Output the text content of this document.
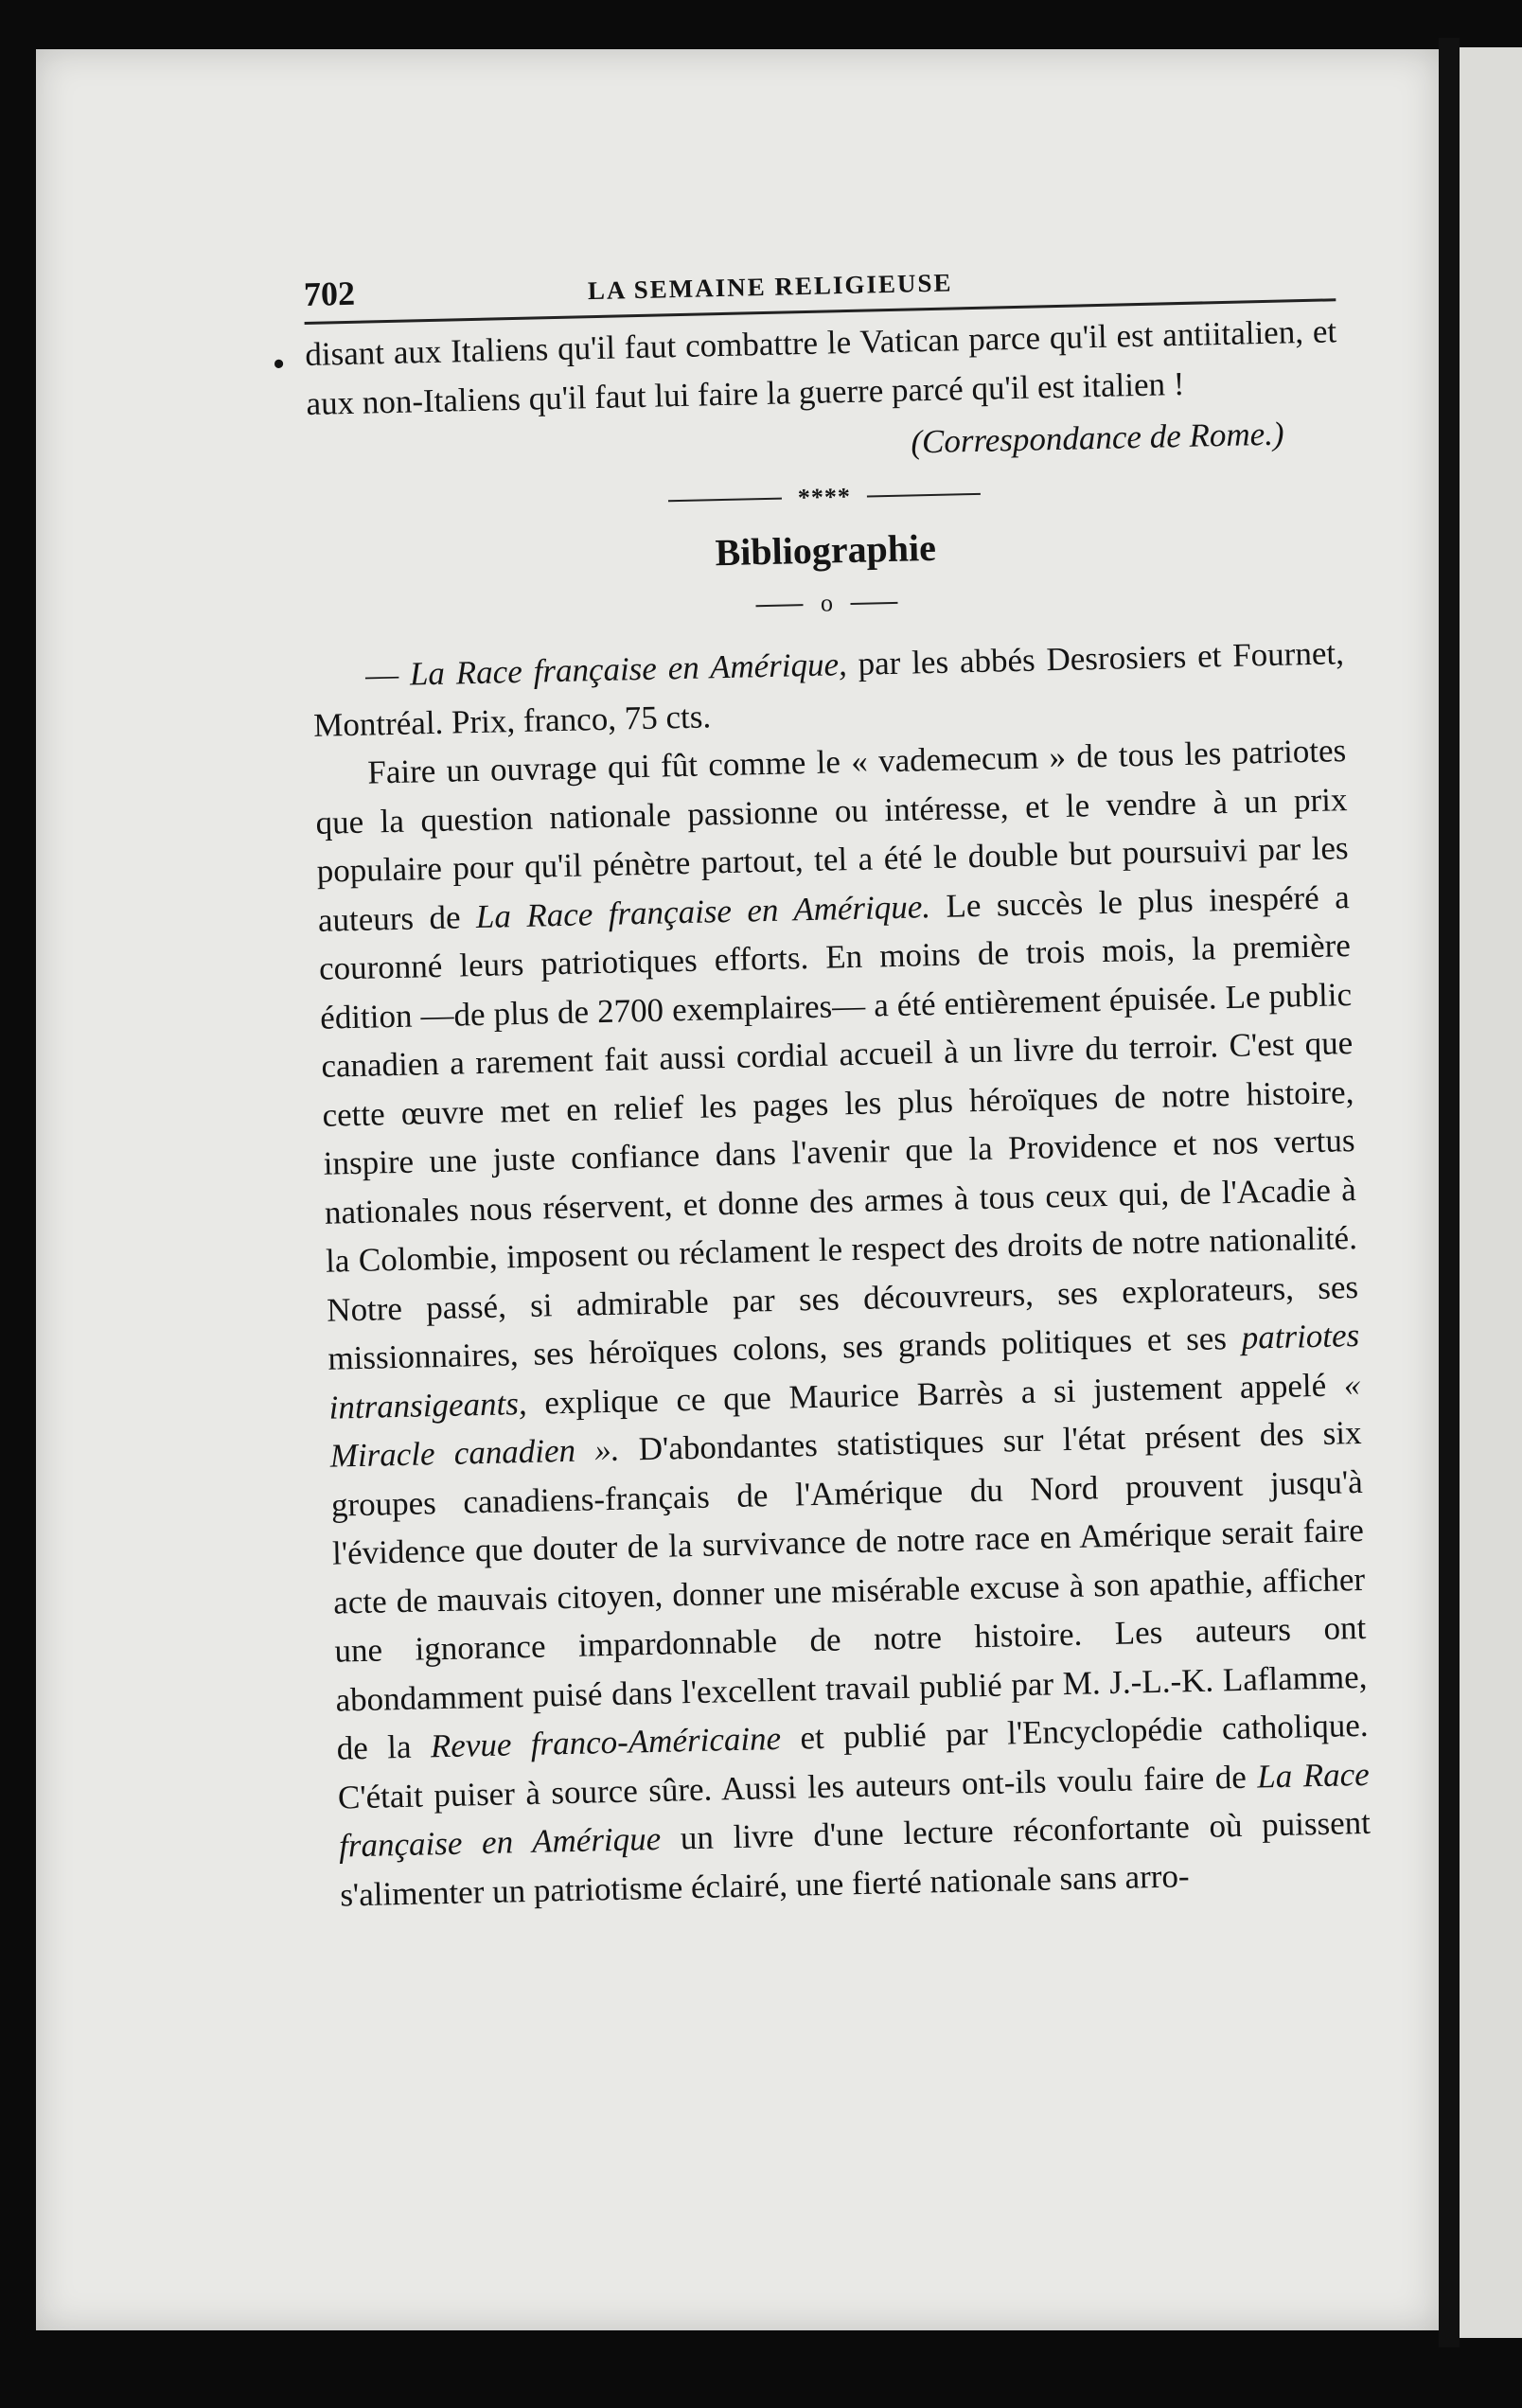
•
702	LA SEMAINE RELIGIEUSE

disant aux Italiens qu'il faut combattre le Vatican parce qu'il est antiitalien, et aux non-Italiens qu'il faut lui faire la guerre parcé qu'il est italien !

(Correspondance de Rome.)
****
Bibliographie
o

— La Race française en Amérique, par les abbés Desrosiers et Fournet, Montréal. Prix, franco, 75 cts.

Faire un ouvrage qui fût comme le « vademecum » de tous les patriotes que la question nationale passionne ou intéresse, et le vendre à un prix populaire pour qu'il pénètre partout, tel a été le double but poursuivi par les auteurs de La Race française en Amérique. Le succès le plus inespéré a couronné leurs patriotiques efforts. En moins de trois mois, la première édition —de plus de 2700 exemplaires— a été entièrement épuisée. Le public canadien a rarement fait aussi cordial accueil à un livre du terroir. C'est que cette œuvre met en relief les pages les plus héroïques de notre histoire, inspire une juste confiance dans l'avenir que la Providence et nos vertus nationales nous réservent, et donne des armes à tous ceux qui, de l'Acadie à la Colombie, imposent ou réclament le respect des droits de notre nationalité. Notre passé, si admirable par ses découvreurs, ses explorateurs, ses missionnaires, ses héroïques colons, ses grands politiques et ses patriotes intransigeants, explique ce que Maurice Barrès a si justement appelé « Miracle canadien ». D'abondantes statistiques sur l'état présent des six groupes canadiens-français de l'Amérique du Nord prouvent jusqu'à l'évidence que douter de la survivance de notre race en Amérique serait faire acte de mauvais citoyen, donner une misérable excuse à son apathie, afficher une ignorance impardonnable de notre histoire. Les auteurs ont abondamment puisé dans l'excellent travail publié par M. J.-L.-K. Laflamme, de la Revue franco-Américaine et publié par l'Encyclopédie catholique. C'était puiser à source sûre. Aussi les auteurs ont-ils voulu faire de La Race française en Amérique un livre d'une lecture réconfortante où puissent s'alimenter un patriotisme éclairé, une fierté nationale sans arro-
